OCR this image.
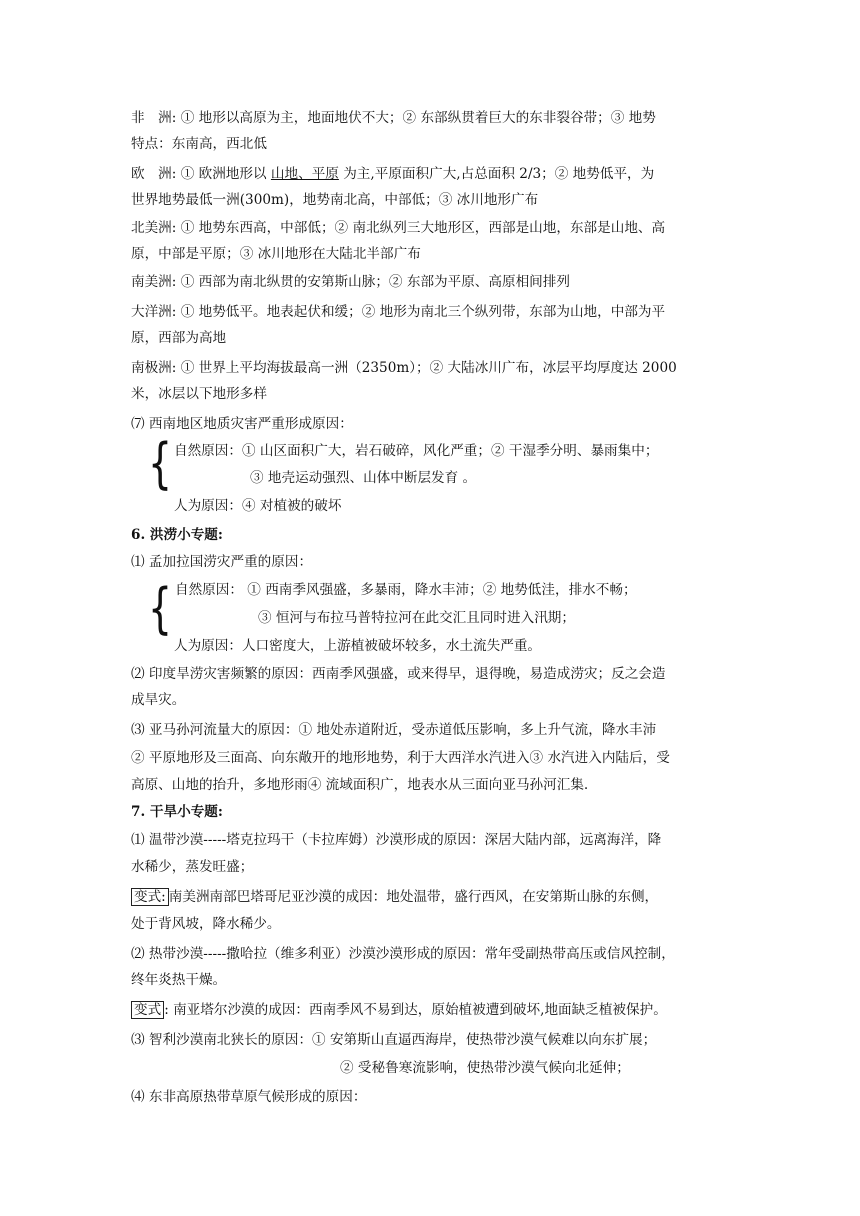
非　洲: ① 地形以高原为主，地面地伏不大；② 东部纵贯着巨大的东非裂谷带；③ 地势
特点：东南高，西北低
欧　洲: ① 欧洲地形以 山地、平原 为主,平原面积广大,占总面积 2/3；② 地势低平，为
世界地势最低一洲(300m)，地势南北高，中部低；③ 冰川地形广布
北美洲: ① 地势东西高，中部低；② 南北纵列三大地形区，西部是山地，东部是山地、高
原，中部是平原；③ 冰川地形在大陆北半部广布
南美洲: ① 西部为南北纵贯的安第斯山脉；② 东部为平原、高原相间排列
大洋洲: ① 地势低平。地表起伏和缓；② 地形为南北三个纵列带，东部为山地，中部为平
原，西部为高地
南极洲: ① 世界上平均海拔最高一洲（2350m）；② 大陆冰川广布，冰层平均厚度达 2000
米，冰层以下地形多样
⑺ 西南地区地质灾害严重形成原因：
{ 自然原因：① 山区面积广大，岩石破碎，风化严重；② 干湿季分明、暴雨集中；
③ 地壳运动强烈、山体中断层发育 。
人为原因：④ 对植被的破坏
6. 洪涝小专题:
⑴ 孟加拉国涝灾严重的原因：
{ 自然原因： ① 西南季风强盛，多暴雨，降水丰沛；② 地势低洼，排水不畅；
③ 恒河与布拉马普特拉河在此交汇且同时进入汛期；
人为原因：人口密度大，上游植被破坏较多，水土流失严重。
⑵ 印度旱涝灾害频繁的原因：西南季风强盛，或来得早，退得晚，易造成涝灾；反之会造
成旱灾。
⑶ 亚马孙河流量大的原因：① 地处赤道附近，受赤道低压影响，多上升气流，降水丰沛
② 平原地形及三面高、向东敞开的地形地势，利于大西洋水汽进入③ 水汽进入内陆后，受
高原、山地的抬升，多地形雨④ 流域面积广，地表水从三面向亚马孙河汇集.
7. 干旱小专题:
⑴ 温带沙漠-----塔克拉玛干（卡拉库姆）沙漠形成的原因：深居大陆内部，远离海洋，降
水稀少，蒸发旺盛；
变式: 南美洲南部巴塔哥尼亚沙漠的成因：地处温带，盛行西风，在安第斯山脉的东侧，
处于背风坡，降水稀少。
⑵ 热带沙漠-----撒哈拉（维多利亚）沙漠沙漠形成的原因：常年受副热带高压或信风控制，
终年炎热干燥。
变式 : 南亚塔尔沙漠的成因：西南季风不易到达，原始植被遭到破坏,地面缺乏植被保护。
⑶ 智利沙漠南北狭长的原因：① 安第斯山直逼西海岸，使热带沙漠气候难以向东扩展；
② 受秘鲁寒流影响，使热带沙漠气候向北延伸；
⑷ 东非高原热带草原气候形成的原因：
